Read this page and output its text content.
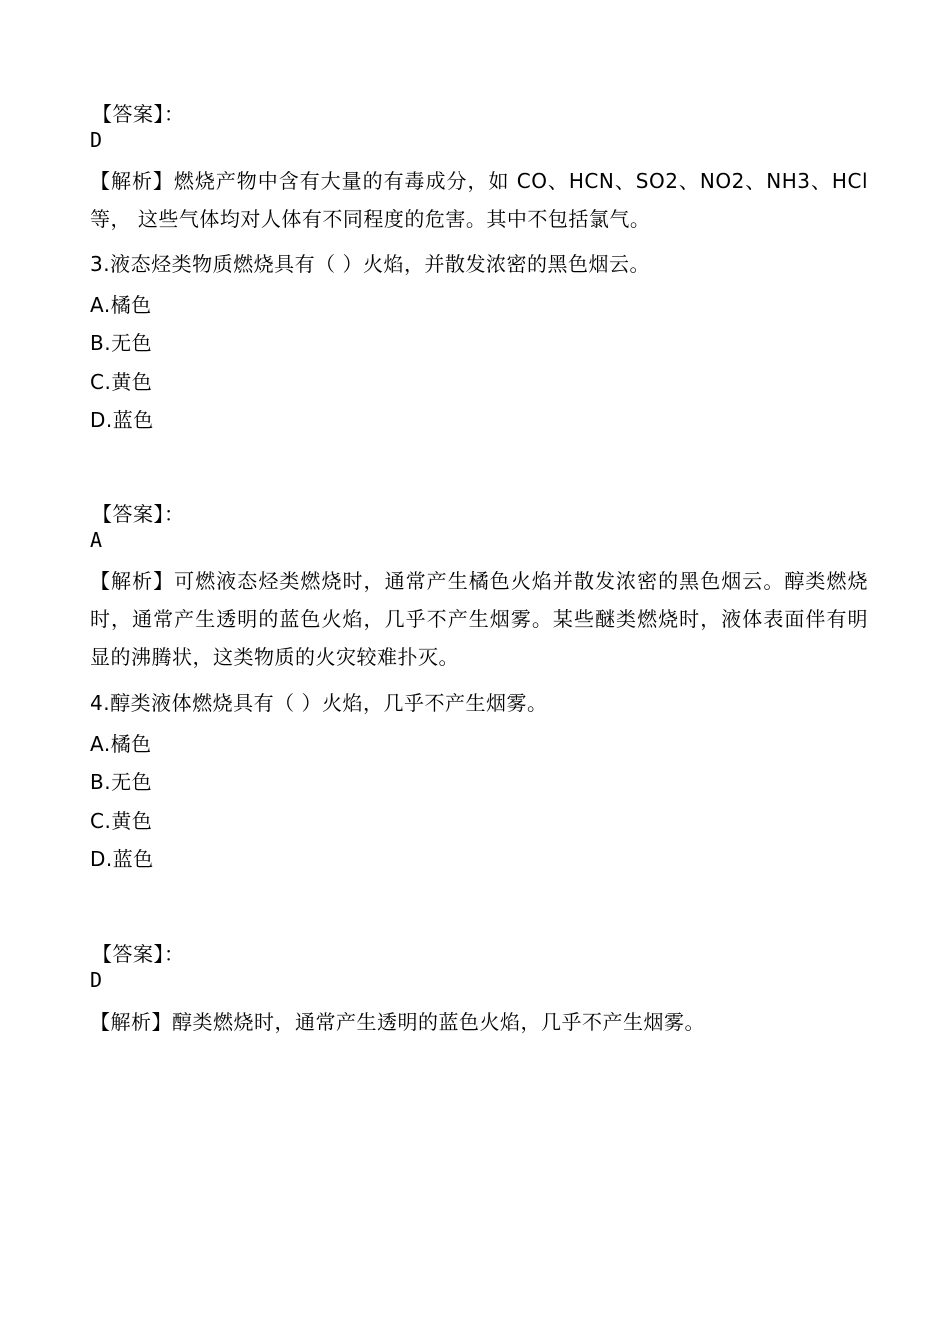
【答案】：
D
【解析】燃烧产物中含有大量的有毒成分，如 CO、HCN、SO2、NO2、NH3、HCl 等， 这些气体均对人体有不同程度的危害。其中不包括氯气。
3.液态烃类物质燃烧具有（ ）火焰，并散发浓密的黑色烟云。
A.橘色
B.无色
C.黄色
D.蓝色
【答案】：
A
【解析】可燃液态烃类燃烧时，通常产生橘色火焰并散发浓密的黑色烟云。醇类燃烧时，通常产生透明的蓝色火焰，几乎不产生烟雾。某些醚类燃烧时，液体表面伴有明显的沸腾状，这类物质的火灾较难扑灭。
4.醇类液体燃烧具有（ ）火焰，几乎不产生烟雾。
A.橘色
B.无色
C.黄色
D.蓝色
【答案】：
D
【解析】醇类燃烧时，通常产生透明的蓝色火焰，几乎不产生烟雾。
